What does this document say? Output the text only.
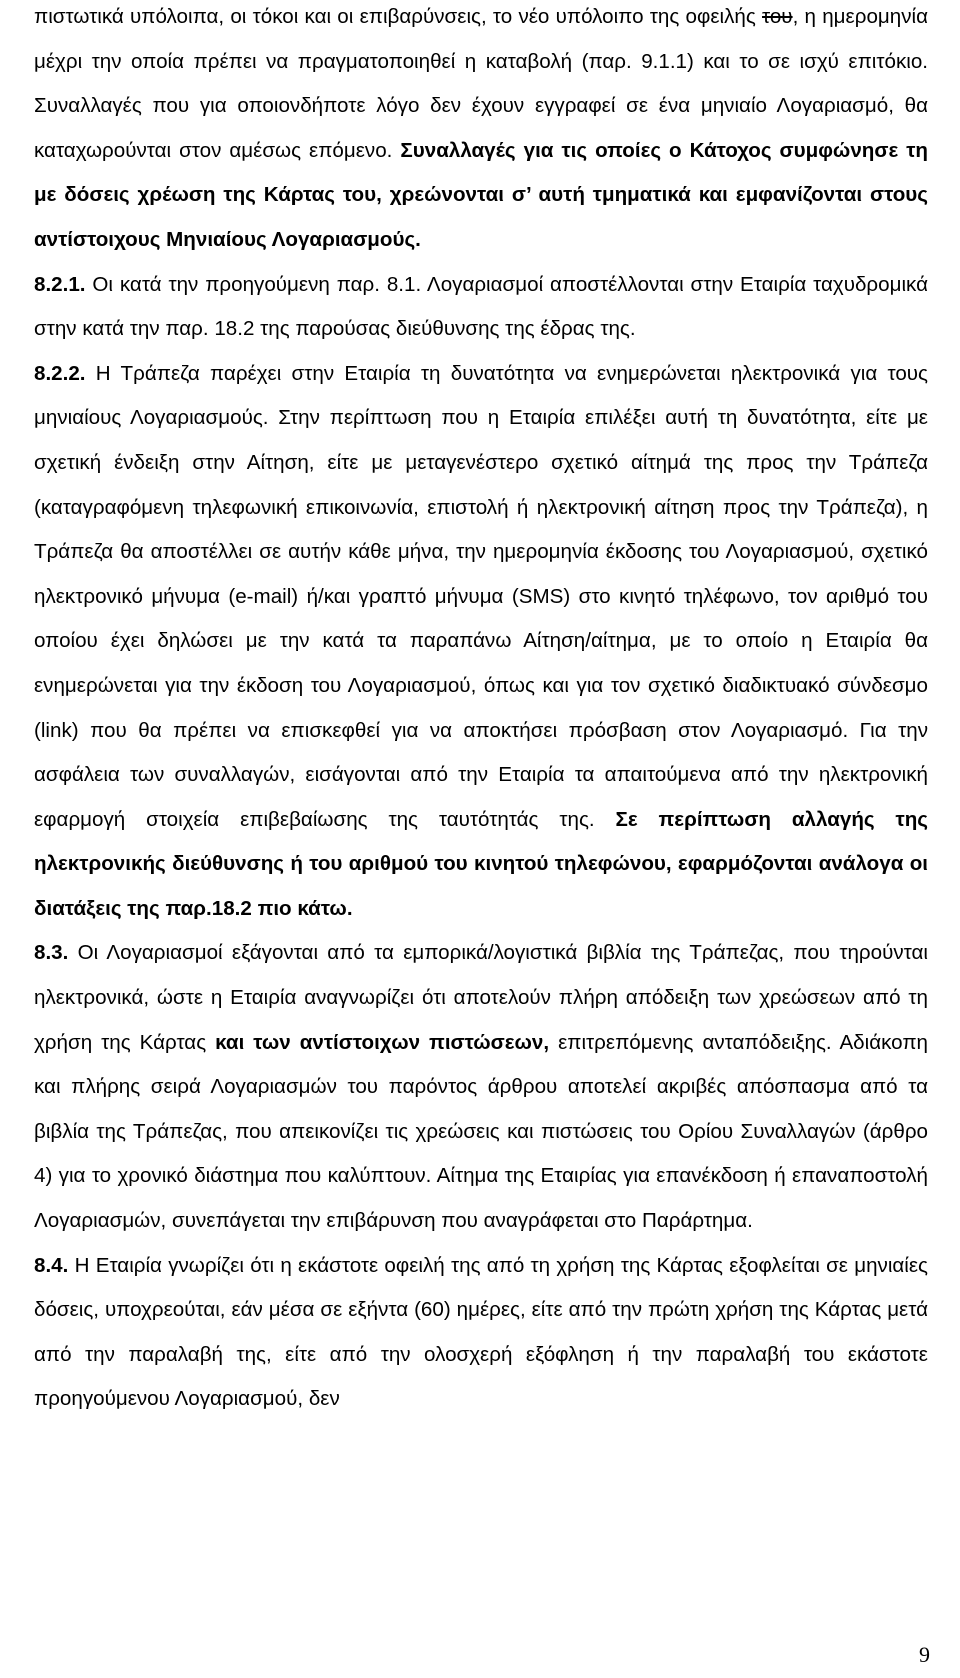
πιστωτικά υπόλοιπα, οι τόκοι και οι επιβαρύνσεις, το νέο υπόλοιπο της οφειλής του, η ημερομηνία μέχρι την οποία πρέπει να πραγματοποιηθεί η καταβολή (παρ. 9.1.1) και το σε ισχύ επιτόκιο. Συναλλαγές που για οποιονδήποτε λόγο δεν έχουν εγγραφεί σε ένα μηνιαίο Λογαριασμό, θα καταχωρούνται στον αμέσως επόμενο. Συναλλαγές για τις οποίες ο Κάτοχος συμφώνησε τη με δόσεις χρέωση της Κάρτας του, χρεώνονται σ’ αυτή τμηματικά και εμφανίζονται στους αντίστοιχους Μηνιαίους Λογαριασμούς.

8.2.1. Οι κατά την προηγούμενη παρ. 8.1. Λογαριασμοί αποστέλλονται στην Εταιρία ταχυδρομικά στην κατά την παρ. 18.2 της παρούσας διεύθυνσης της έδρας της.

8.2.2. Η Τράπεζα παρέχει στην Εταιρία τη δυνατότητα να ενημερώνεται ηλεκτρονικά για τους μηνιαίους Λογαριασμούς. Στην περίπτωση που η Εταιρία επιλέξει αυτή τη δυνατότητα, είτε με σχετική ένδειξη στην Αίτηση, είτε με μεταγενέστερο σχετικό αίτημά της προς την Τράπεζα (καταγραφόμενη τηλεφωνική επικοινωνία, επιστολή ή ηλεκτρονική αίτηση προς την Τράπεζα), η Τράπεζα θα αποστέλλει σε αυτήν κάθε μήνα, την ημερομηνία έκδοσης του Λογαριασμού, σχετικό ηλεκτρονικό μήνυμα (e-mail) ή/και γραπτό μήνυμα (SMS) στο κινητό τηλέφωνο, τον αριθμό του οποίου έχει δηλώσει με την κατά τα παραπάνω Αίτηση/αίτημα, με το οποίο η Εταιρία θα ενημερώνεται για την έκδοση του Λογαριασμού, όπως και για τον σχετικό διαδικτυακό σύνδεσμο (link) που θα πρέπει να επισκεφθεί για να αποκτήσει πρόσβαση στον Λογαριασμό. Για την ασφάλεια των συναλλαγών, εισάγονται από την Εταιρία τα απαιτούμενα από την ηλεκτρονική εφαρμογή στοιχεία επιβεβαίωσης της ταυτότητάς της. Σε περίπτωση αλλαγής της ηλεκτρονικής διεύθυνσης ή του αριθμού του κινητού τηλεφώνου, εφαρμόζονται ανάλογα οι διατάξεις της παρ.18.2 πιο κάτω.

8.3. Οι Λογαριασμοί εξάγονται από τα εμπορικά/λογιστικά βιβλία της Τράπεζας, που τηρούνται ηλεκτρονικά, ώστε η Εταιρία αναγνωρίζει ότι αποτελούν πλήρη απόδειξη των χρεώσεων από τη χρήση της Κάρτας και των αντίστοιχων πιστώσεων, επιτρεπόμενης ανταπόδειξης. Αδιάκοπη και πλήρης σειρά Λογαριασμών του παρόντος άρθρου αποτελεί ακριβές απόσπασμα από τα βιβλία της Τράπεζας, που απεικονίζει τις χρεώσεις και πιστώσεις του Ορίου Συναλλαγών (άρθρο 4) για το χρονικό διάστημα που καλύπτουν. Αίτημα της Εταιρίας για επανέκδοση ή επαναποστολή Λογαριασμών, συνεπάγεται την επιβάρυνση που αναγράφεται στο Παράρτημα.

8.4. Η Εταιρία γνωρίζει ότι η εκάστοτε οφειλή της από τη χρήση της Κάρτας εξοφλείται σε μηνιαίες δόσεις, υποχρεούται, εάν μέσα σε εξήντα (60) ημέρες, είτε από την πρώτη χρήση της Κάρτας μετά από την παραλαβή της, είτε από την ολοσχερή εξόφληση ή την παραλαβή του εκάστοτε προηγούμενου Λογαριασμού, δεν

9
